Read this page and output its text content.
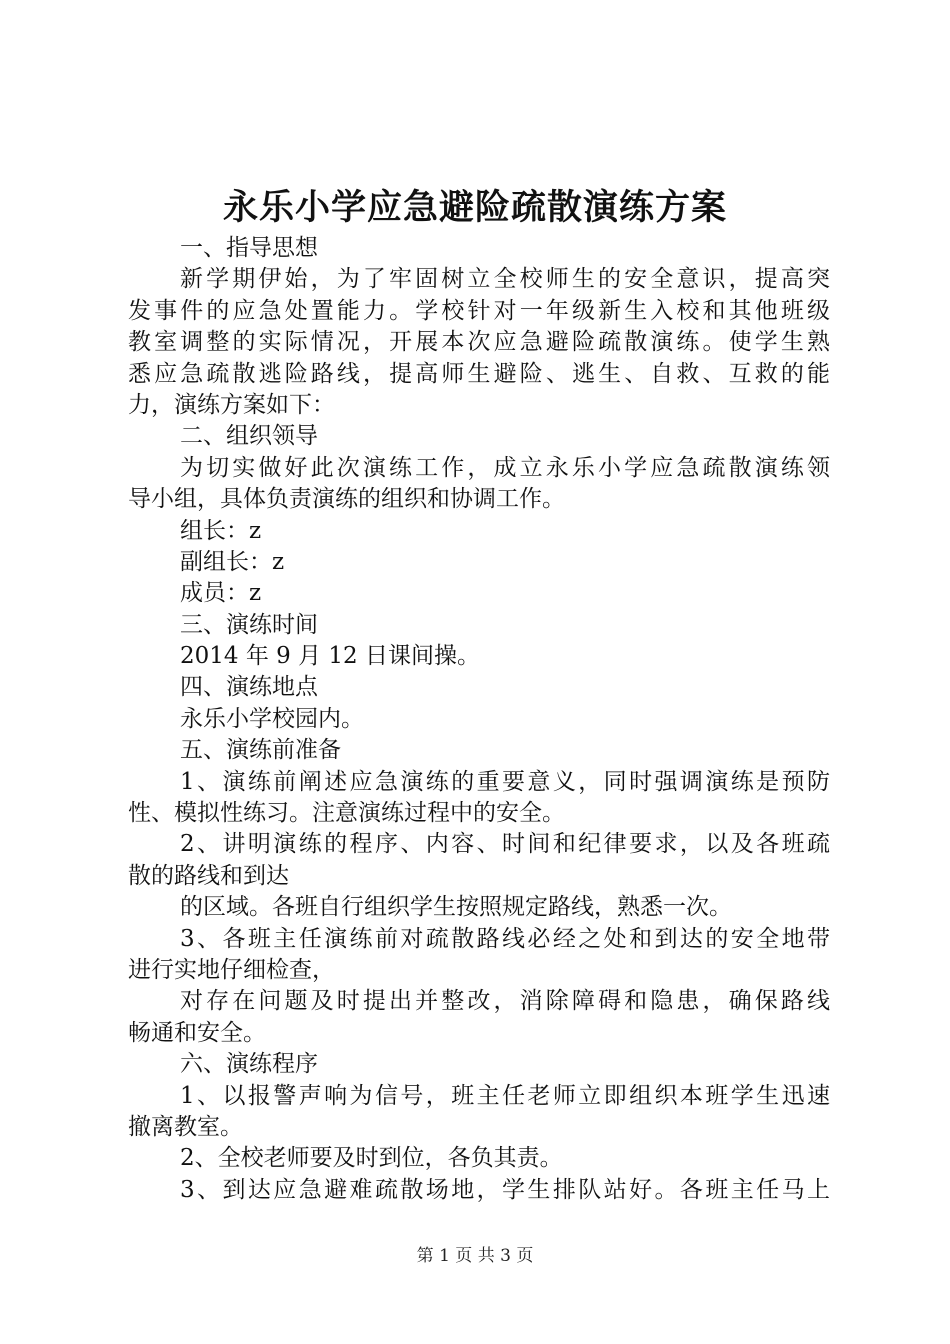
永乐小学应急避险疏散演练方案
一、指导思想
新学期伊始，为了牢固树立全校师生的安全意识，提高突
发事件的应急处置能力。学校针对一年级新生入校和其他班级
教室调整的实际情况，开展本次应急避险疏散演练。使学生熟
悉应急疏散逃险路线，提高师生避险、逃生、自救、互救的能
力，演练方案如下：
二、组织领导
为切实做好此次演练工作，成立永乐小学应急疏散演练领
导小组，具体负责演练的组织和协调工作。
组长：z
副组长：z
成员：z
三、演练时间
2014 年 9 月 12 日课间操。
四、演练地点
永乐小学校园内。
五、演练前准备
1、演练前阐述应急演练的重要意义，同时强调演练是预防
性、模拟性练习。注意演练过程中的安全。
2、讲明演练的程序、内容、时间和纪律要求，以及各班疏
散的路线和到达
的区域。各班自行组织学生按照规定路线，熟悉一次。
3、各班主任演练前对疏散路线必经之处和到达的安全地带
进行实地仔细检查，
对存在问题及时提出并整改，消除障碍和隐患，确保路线
畅通和安全。
六、演练程序
1、以报警声响为信号，班主任老师立即组织本班学生迅速
撤离教室。
2、全校老师要及时到位，各负其责。
3、到达应急避难疏散场地，学生排队站好。各班主任马上
第 1 页 共 3 页
